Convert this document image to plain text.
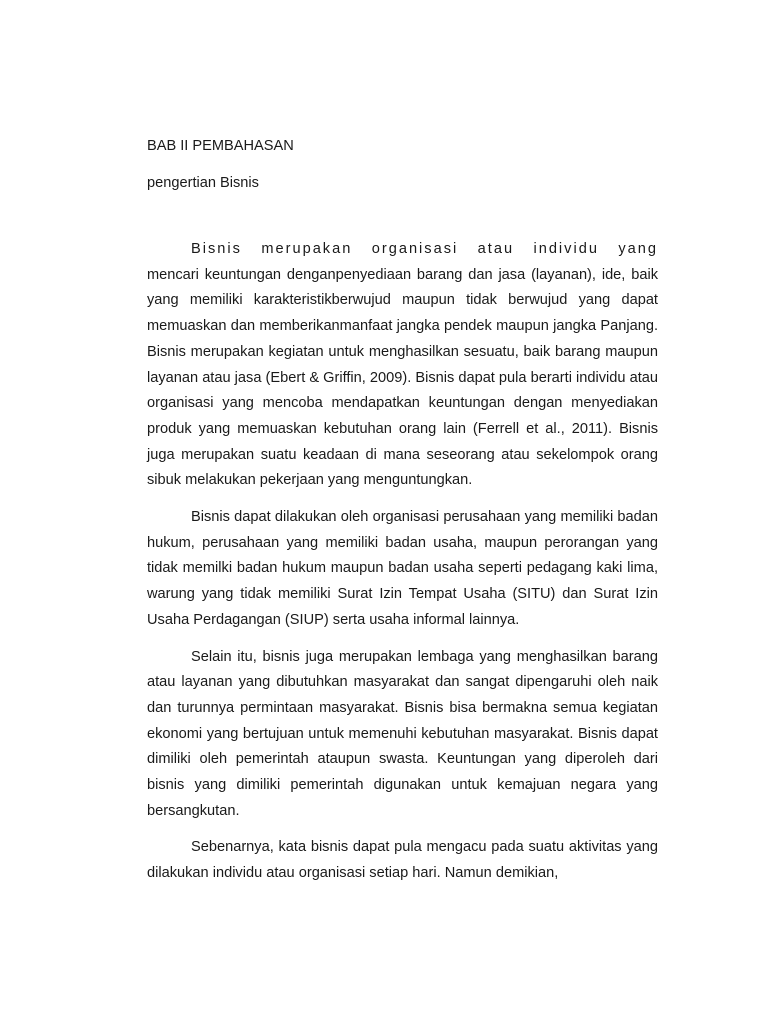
BAB II PEMBAHASAN
pengertian Bisnis

Bisnis merupakan organisasi atau individu yang mencari keuntungan denganpenyediaan barang dan jasa (layanan), ide, baik yang memiliki karakteristikberwujud maupun tidak berwujud yang dapat memuaskan dan memberikanmanfaat jangka pendek maupun jangka Panjang. Bisnis merupakan kegiatan untuk menghasilkan sesuatu, baik barang maupun layanan atau jasa (Ebert & Griffin, 2009). Bisnis dapat pula berarti individu atau organisasi yang mencoba mendapatkan keuntungan dengan menyediakan produk yang memuaskan kebutuhan orang lain (Ferrell et al., 2011). Bisnis juga merupakan suatu keadaan di mana seseorang atau sekelompok orang sibuk melakukan pekerjaan yang menguntungkan.

Bisnis dapat dilakukan oleh organisasi perusahaan yang memiliki badan hukum, perusahaan yang memiliki badan usaha, maupun perorangan yang tidak memilki badan hukum maupun badan usaha seperti pedagang kaki lima, warung yang tidak memiliki Surat Izin Tempat Usaha (SITU) dan Surat Izin Usaha Perdagangan (SIUP) serta usaha informal lainnya.

Selain itu, bisnis juga merupakan lembaga yang menghasilkan barang atau layanan yang dibutuhkan masyarakat dan sangat dipengaruhi oleh naik dan turunnya permintaan masyarakat. Bisnis bisa bermakna semua kegiatan ekonomi yang bertujuan untuk memenuhi kebutuhan masyarakat. Bisnis dapat dimiliki oleh pemerintah ataupun swasta. Keuntungan yang diperoleh dari bisnis yang dimiliki pemerintah digunakan untuk kemajuan negara yang bersangkutan.

Sebenarnya, kata bisnis dapat pula mengacu pada suatu aktivitas yang dilakukan individu atau organisasi setiap hari. Namun demikian,
